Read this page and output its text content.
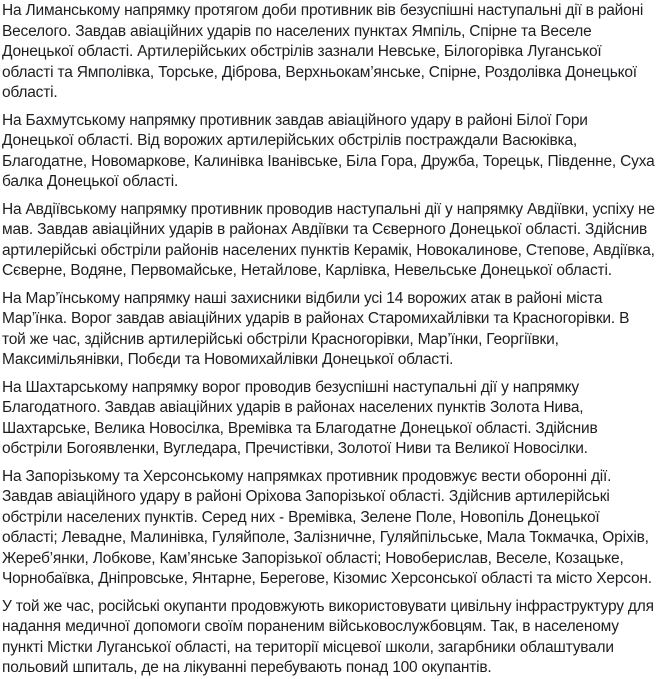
На Лиманському напрямку протягом доби противник вів безуспішні наступальні дії в районі Веселого. Завдав авіаційних ударів по населених пунктах Ямпіль, Спірне та Веселе Донецької області. Артилерійських обстрілів зазнали Невське, Білогорівка Луганської області та Ямполівка, Торське, Діброва, Верхньокам’янське, Спірне, Роздолівка Донецької області.

На Бахмутському напрямку противник завдав авіаційного удару в районі Білої Гори Донецької області. Від ворожих артилерійських обстрілів постраждали Васюківка, Благодатне, Новомаркове, Калинівка Іванівське, Біла Гора, Дружба, Торецьк, Південне, Суха балка Донецької області.

На Авдіївському напрямку противник проводив наступальні дії у напрямку Авдіївки, успіху не мав. Завдав авіаційних ударів в районах Авдіївки та Сєверного Донецької області. Здійснив артилерійські обстріли районів населених пунктів Керамік, Новокалинове, Степове, Авдіївка, Сєверне, Водяне, Первомайське, Нетайлове, Карлівка, Невельське Донецької області.

На Мар’їнському напрямку наші захисники відбили усі 14 ворожих атак в районі міста Мар’їнка. Ворог завдав авіаційних ударів в районах Старомихайлівки та Красногорівки. В той же час, здійснив артилерійські обстріли Красногорівки, Мар’їнки, Георгіївки, Максимільянівки, Побєди та Новомихайлівки Донецької області.

На Шахтарському напрямку ворог проводив безуспішні наступальні дії у напрямку Благодатного. Завдав авіаційних ударів в районах населених пунктів Золота Нива, Шахтарське, Велика Новосілка, Времівка та Благодатне Донецької області. Здійснив обстріли Богоявленки, Вугледара, Пречистівки, Золотої Ниви та Великої Новосілки.

На Запорізькому та Херсонському напрямках противник продовжує вести оборонні дії. Завдав авіаційного удару в районі Оріхова Запорізької області. Здійснив артилерійські обстріли населених пунктів. Серед них - Времівка, Зелене Поле, Новопіль Донецької області; Левадне, Малинівка, Гуляйполе, Залізничне, Гуляйпільське, Мала Токмачка, Оріхів, Жереб’янки, Лобкове, Кам’янське Запорізької області; Новоберислав, Веселе, Козацьке, Чорнобаївка, Дніпровське, Янтарне, Берегове, Кізомис Херсонської області та місто Херсон.

У той же час, російські окупанти продовжують використовувати цивільну інфраструктуру для надання медичної допомоги своїм пораненим військовослужбовцям. Так, в населеному пункті Містки Луганської області, на території місцевої школи, загарбники облаштували польовий шпиталь, де на лікуванні перебувають понад 100 окупантів.
